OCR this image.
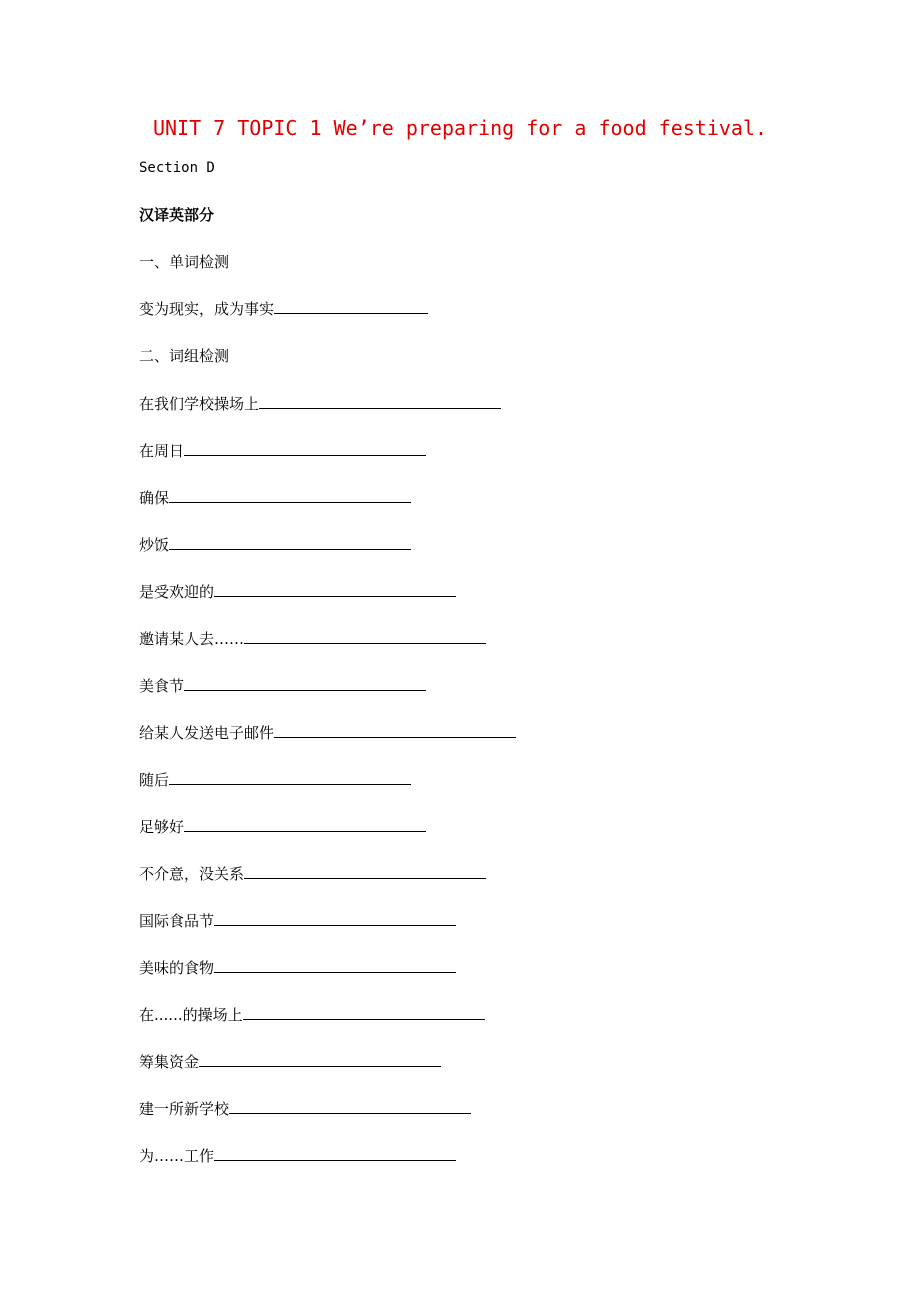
UNIT 7 TOPIC 1 We’re preparing for a food festival.
Section D
汉译英部分
一、单词检测
变为现实，成为事实
二、词组检测
在我们学校操场上
在周日
确保
炒饭
是受欢迎的
邀请某人去……
美食节
给某人发送电子邮件
随后
足够好
不介意，没关系
国际食品节
美味的食物
在......的操场上
筹集资金
建一所新学校
为……工作
